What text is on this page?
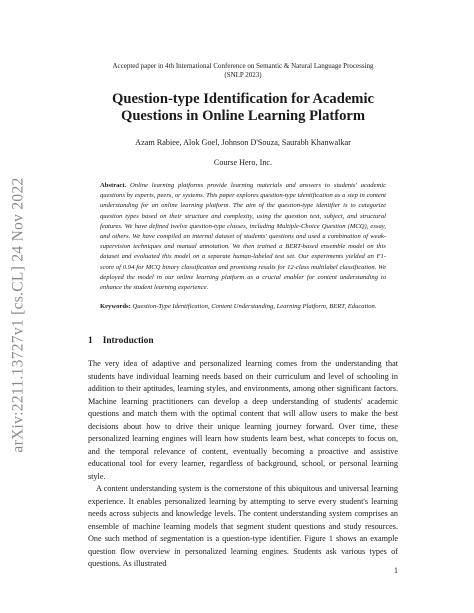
arXiv:2211.13727v1 [cs.CL] 24 Nov 2022
Accepted paper in 4th International Conference on Semantic & Natural Language Processing
(SNLP 2023)
Question-type Identification for Academic
Questions in Online Learning Platform
Azam Rabiee, Alok Goel, Johnson D'Souza, Saurabh Khanwalkar
Course Hero, Inc.
Abstract. Online learning platforms provide learning materials and answers to students' academic questions by experts, peers, or systems. This paper explores question-type identification as a step in content understanding for an online learning platform. The aim of the question-type identifier is to categorize question types based on their structure and complexity, using the question text, subject, and structural features. We have defined twelve question-type classes, including Multiple-Choice Question (MCQ), essay, and others. We have compiled an internal dataset of students' questions and used a combination of weak-supervision techniques and manual annotation. We then trained a BERT-based ensemble model on this dataset and evaluated this model on a separate human-labeled test set. Our experiments yielded an F1-score of 0.94 for MCQ binary classification and promising results for 12-class multilabel classification. We deployed the model in our online learning platform as a crucial enabler for content understanding to enhance the student learning experience.
Keywords: Question-Type Identification, Content Understanding, Learning Platform, BERT, Education.
1 Introduction
The very idea of adaptive and personalized learning comes from the understanding that students have individual learning needs based on their curriculum and level of schooling in addition to their aptitudes, learning styles, and environments, among other significant factors. Machine learning practitioners can develop a deep understanding of students' academic questions and match them with the optimal content that will allow users to make the best decisions about how to drive their unique learning journey forward. Over time, these personalized learning engines will learn how students learn best, what concepts to focus on, and the temporal relevance of content, eventually becoming a proactive and assistive educational tool for every learner, regardless of background, school, or personal learning style.
A content understanding system is the cornerstone of this ubiquitous and universal learning experience. It enables personalized learning by attempting to serve every student's learning needs across subjects and knowledge levels. The content understanding system comprises an ensemble of machine learning models that segment student questions and study resources. One such method of segmentation is a question-type identifier. Figure 1 shows an example question flow overview in personalized learning engines. Students ask various types of questions. As illustrated
1
